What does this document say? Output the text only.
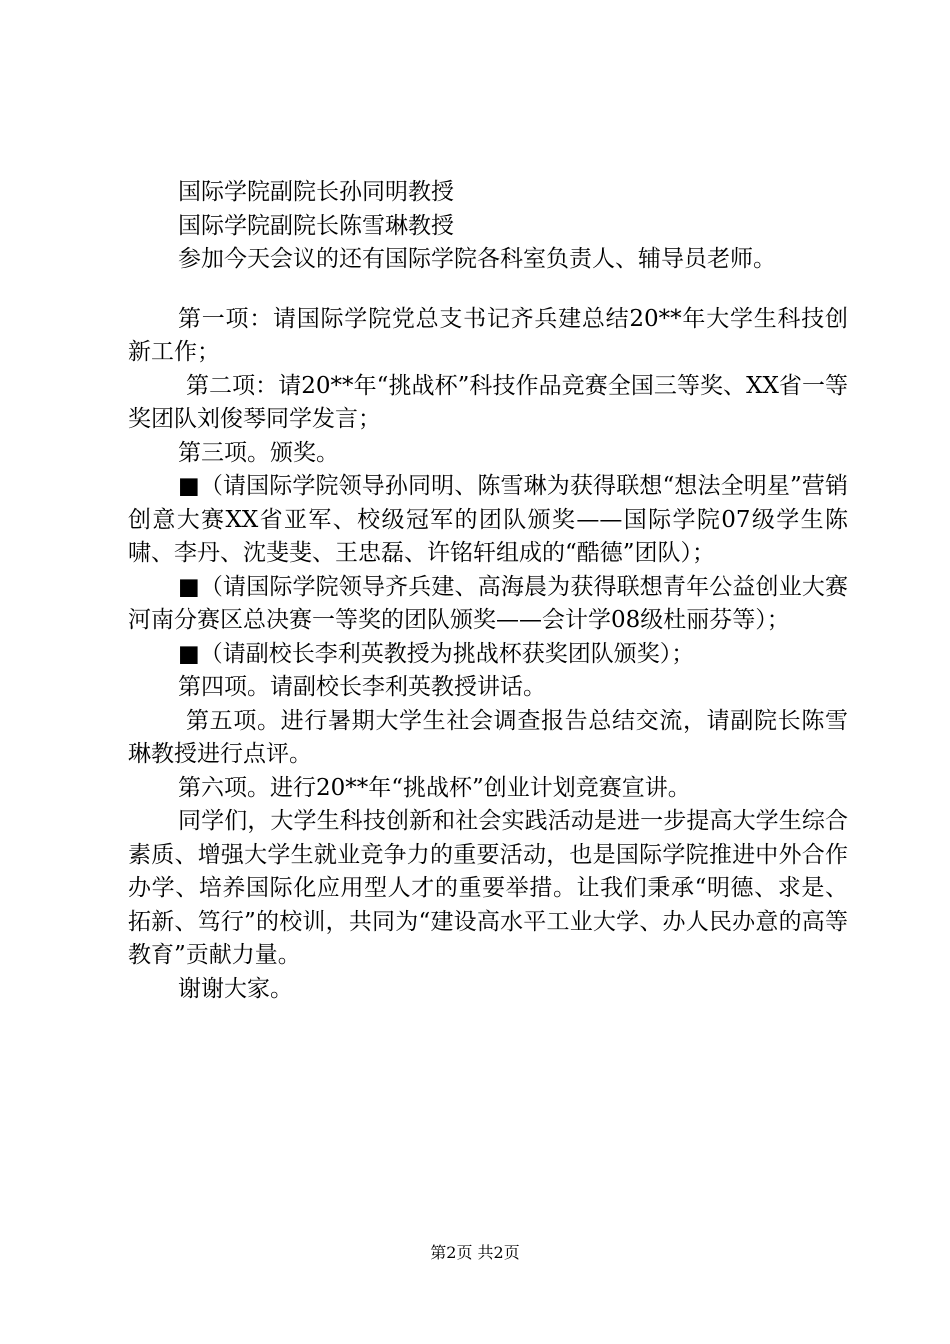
国际学院副院长孙同明教授

国际学院副院长陈雪琳教授

参加今天会议的还有国际学院各科室负责人、辅导员老师。

第一项：请国际学院党总支书记齐兵建总结20**年大学生科技创新工作；

第二项：请20**年“挑战杯”科技作品竞赛全国三等奖、XX省一等奖团队刘俊琴同学发言；

第三项。颁奖。

■（请国际学院领导孙同明、陈雪琳为获得联想“想法全明星”营销创意大赛XX省亚军、校级冠军的团队颁奖——国际学院07级学生陈啸、李丹、沈斐斐、王忠磊、许铭轩组成的“酷德”团队）；

■（请国际学院领导齐兵建、高海晨为获得联想青年公益创业大赛河南分赛区总决赛一等奖的团队颁奖——会计学08级杜丽芬等）；

■（请副校长李利英教授为挑战杯获奖团队颁奖）；

第四项。请副校长李利英教授讲话。

第五项。进行暑期大学生社会调查报告总结交流，请副院长陈雪琳教授进行点评。

第六项。进行20**年“挑战杯”创业计划竞赛宣讲。

同学们，大学生科技创新和社会实践活动是进一步提高大学生综合素质、增强大学生就业竞争力的重要活动，也是国际学院推进中外合作办学、培养国际化应用型人才的重要举措。让我们秉承“明德、求是、拓新、笃行”的校训，共同为“建设高水平工业大学、办人民办意的高等教育”贡献力量。

谢谢大家。

第2页 共2页
